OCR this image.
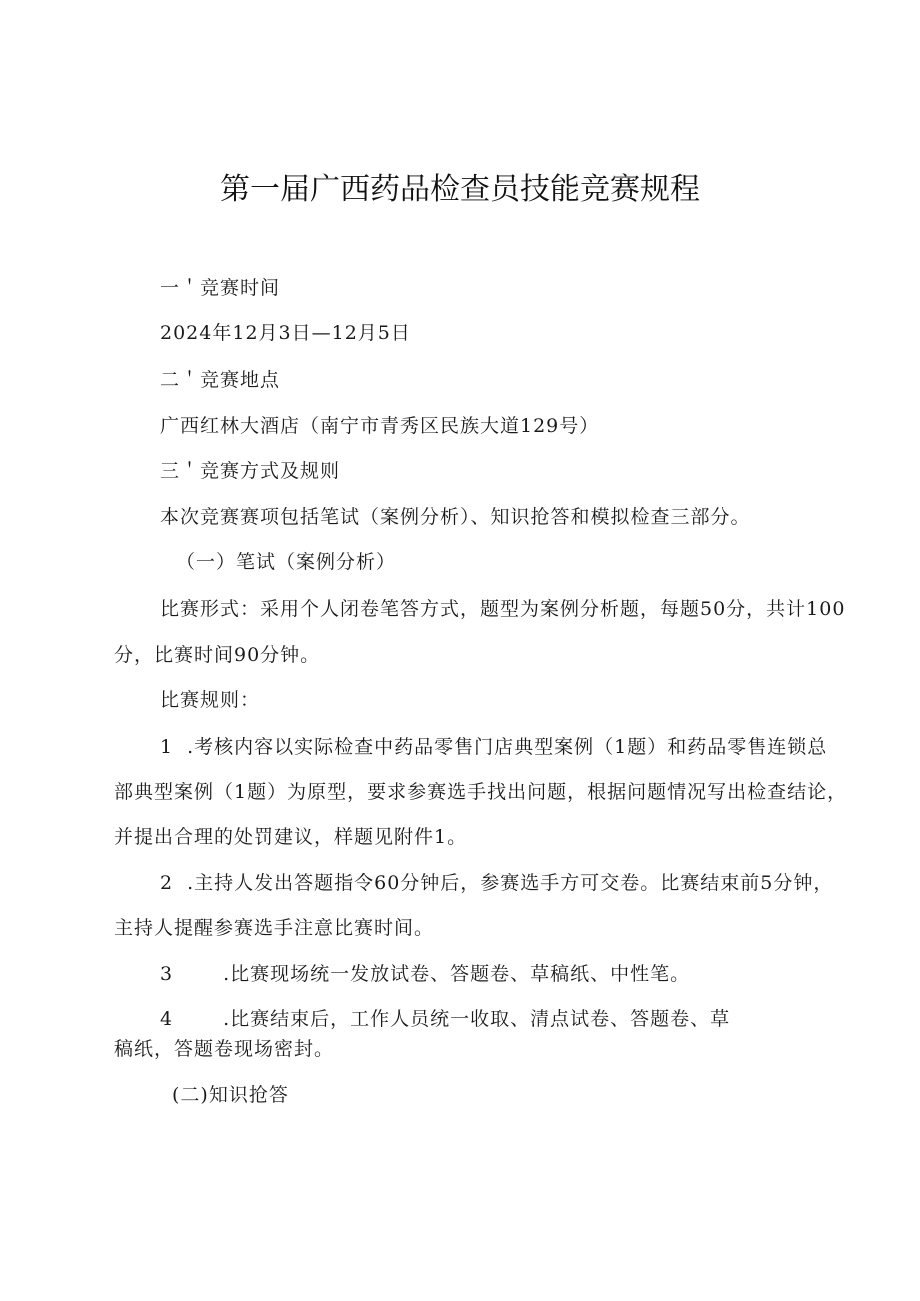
第一届广西药品检查员技能竞赛规程
一＇竞赛时间
2024年12月3日—12月5日
二＇竞赛地点
广西红林大酒店（南宁市青秀区民族大道129号）
三＇竞赛方式及规则
本次竞赛赛项包括笔试（案例分析）、知识抢答和模拟检查三部分。
（一）笔试（案例分析）
比赛形式：采用个人闭卷笔答方式，题型为案例分析题，每题50分，共计100
分，比赛时间90分钟。
比赛规则：
1 .考核内容以实际检查中药品零售门店典型案例（1题）和药品零售连锁总
部典型案例（1题）为原型，要求参赛选手找出问题，根据问题情况写出检查结论，
并提出合理的处罚建议，样题见附件1。
2 .主持人发出答题指令60分钟后，参赛选手方可交卷。比赛结束前5分钟，
主持人提醒参赛选手注意比赛时间。
3	.比赛现场统一发放试卷、答题卷、草稿纸、中性笔。
4	.比赛结束后，工作人员统一收取、清点试卷、答题卷、草
稿纸，答题卷现场密封。
(二)知识抢答
